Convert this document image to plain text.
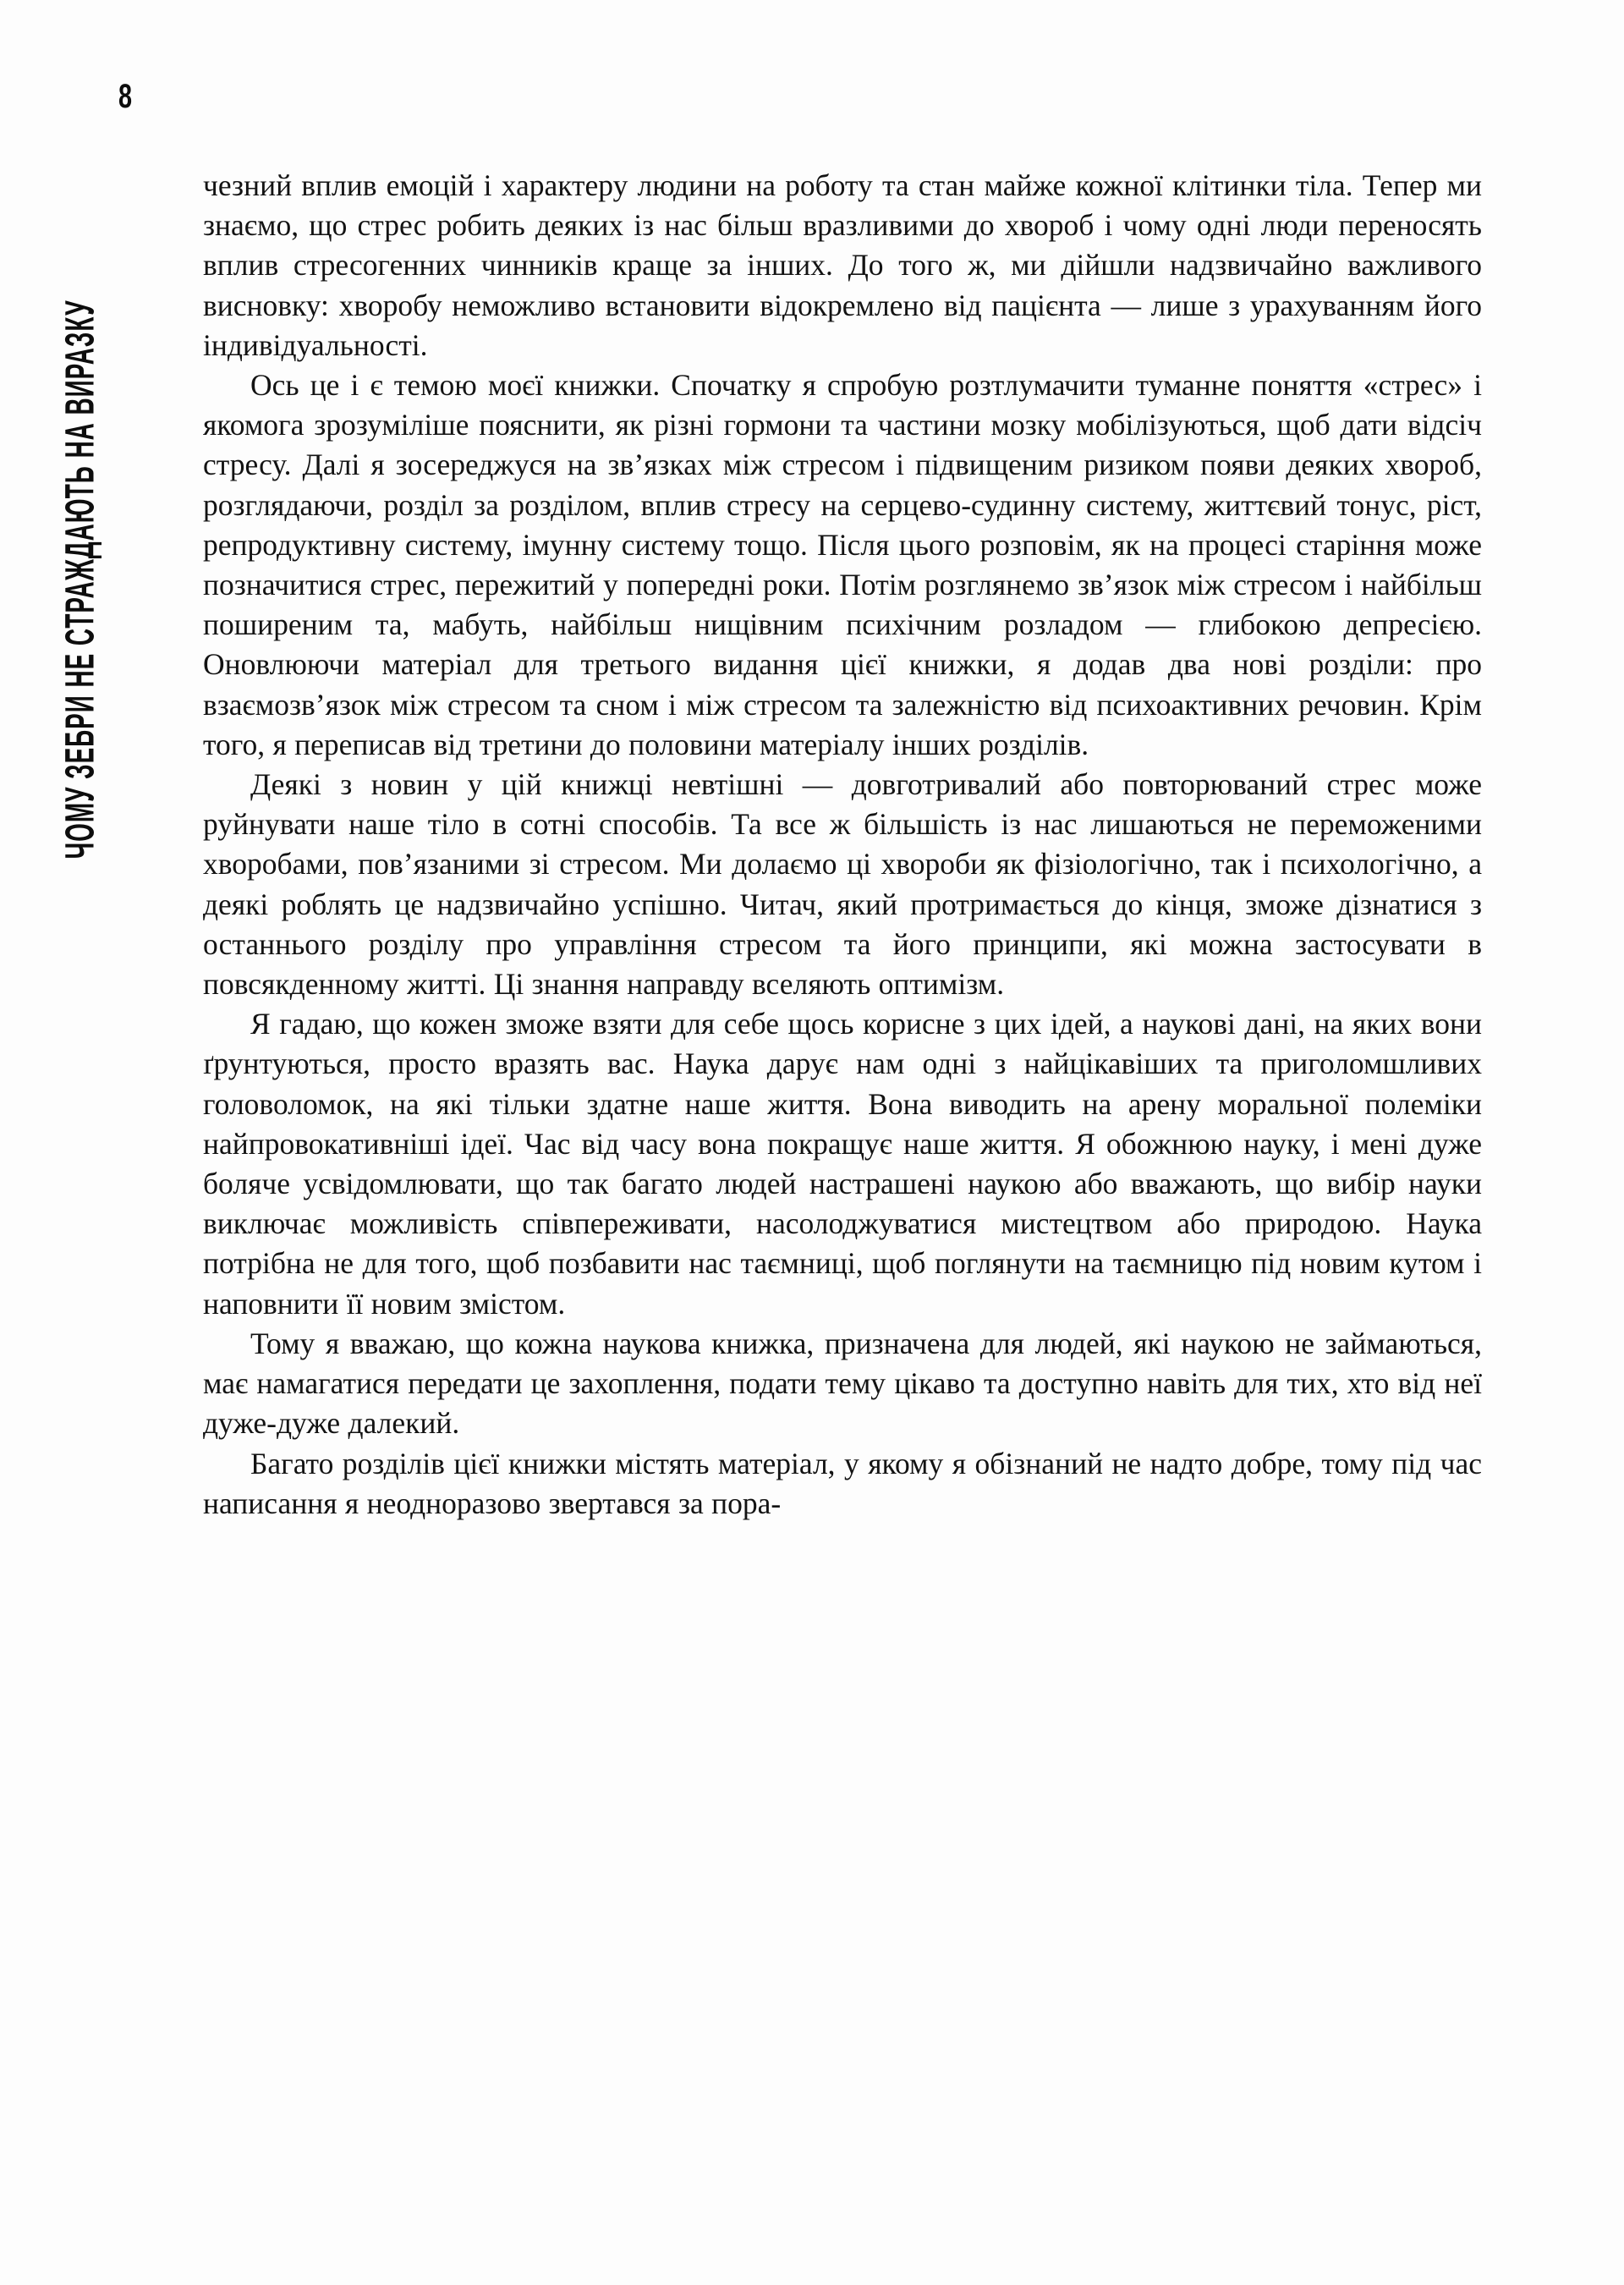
8
ЧОМУ ЗЕБРИ НЕ СТРАЖДАЮТЬ НА ВИРАЗКУ

чезний вплив емоцій і характеру людини на роботу та стан майже кожної клітинки тіла. Тепер ми знаємо, що стрес робить деяких із нас більш вразливими до хвороб і чому одні люди переносять вплив стресогенних чинників краще за інших. До того ж, ми дійшли надзвичайно важливого висновку: хворобу неможливо встановити відокремлено від пацієнта — лише з урахуванням його індивідуальності.

Ось це і є темою моєї книжки. Спочатку я спробую розтлумачити туманне поняття «стрес» і якомога зрозуміліше пояснити, як різні гормони та частини мозку мобілізуються, щоб дати відсіч стресу. Далі я зосереджуся на зв’язках між стресом і підвищеним ризиком появи деяких хвороб, розглядаючи, розділ за розділом, вплив стресу на серцево-судинну систему, життєвий тонус, ріст, репродуктивну систему, імунну систему тощо. Після цього розповім, як на процесі старіння може позначитися стрес, пережитий у попередні роки. Потім розглянемо зв’язок між стресом і найбільш поширеним та, мабуть, найбільш нищівним психічним розладом — глибокою депресією. Оновлюючи матеріал для третього видання цієї книжки, я додав два нові розділи: про взаємозв’язок між стресом та сном і між стресом та залежністю від психоактивних речовин. Крім того, я переписав від третини до половини матеріалу інших розділів.

Деякі з новин у цій книжці невтішні — довготривалий або повторюваний стрес може руйнувати наше тіло в сотні способів. Та все ж більшість із нас лишаються не переможеними хворобами, пов’язаними зі стресом. Ми долаємо ці хвороби як фізіологічно, так і психологічно, а деякі роблять це надзвичайно успішно. Читач, який протримається до кінця, зможе дізнатися з останнього розділу про управління стресом та його принципи, які можна застосувати в повсякденному житті. Ці знання направду вселяють оптимізм.

Я гадаю, що кожен зможе взяти для себе щось корисне з цих ідей, а наукові дані, на яких вони ґрунтуються, просто вразять вас. Наука дарує нам одні з найцікавіших та приголомшливих головоломок, на які тільки здатне наше життя. Вона виводить на арену моральної полеміки найпровокативніші ідеї. Час від часу вона покращує наше життя. Я обожнюю науку, і мені дуже боляче усвідомлювати, що так багато людей настрашені наукою або вважають, що вибір науки виключає можливість співпереживати, насолоджуватися мистецтвом або природою. Наука потрібна не для того, щоб позбавити нас таємниці, щоб поглянути на таємницю під новим кутом і наповнити її новим змістом.

Тому я вважаю, що кожна наукова книжка, призначена для людей, які наукою не займаються, має намагатися передати це захоплення, подати тему цікаво та доступно навіть для тих, хто від неї дуже-дуже далекий.

Багато розділів цієї книжки містять матеріал, у якому я обізнаний не надто добре, тому під час написання я неодноразово звертався за пора-
